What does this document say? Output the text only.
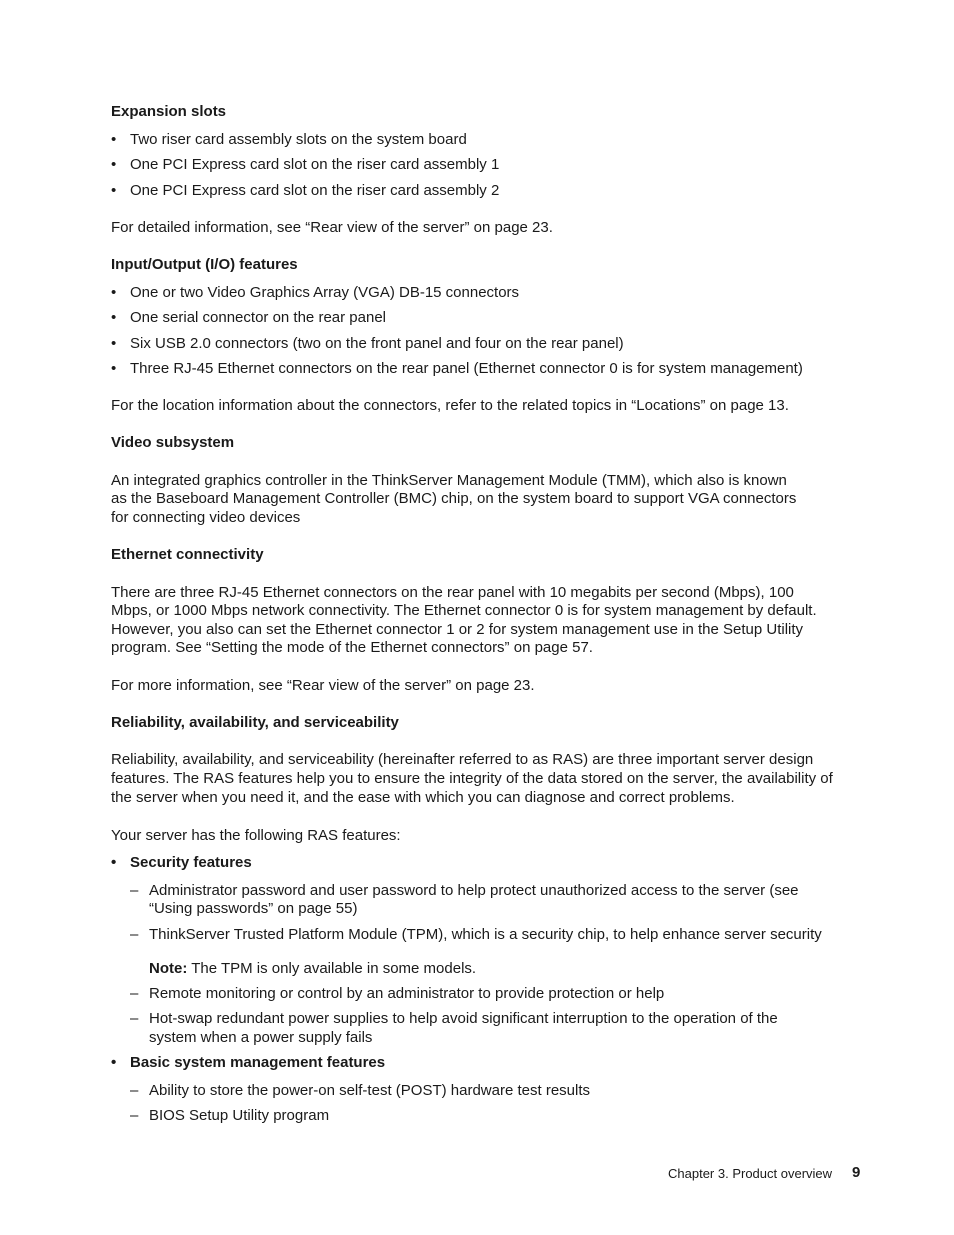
Expansion slots
• Two riser card assembly slots on the system board
• One PCI Express card slot on the riser card assembly 1
• One PCI Express card slot on the riser card assembly 2
For detailed information, see “Rear view of the server” on page 23.
Input/Output (I/O) features
• One or two Video Graphics Array (VGA) DB-15 connectors
• One serial connector on the rear panel
• Six USB 2.0 connectors (two on the front panel and four on the rear panel)
• Three RJ-45 Ethernet connectors on the rear panel (Ethernet connector 0 is for system management)
For the location information about the connectors, refer to the related topics in “Locations” on page 13.
Video subsystem
An integrated graphics controller in the ThinkServer Management Module (TMM), which also is known
as the Baseboard Management Controller (BMC) chip, on the system board to support VGA connectors
for connecting video devices
Ethernet connectivity
There are three RJ-45 Ethernet connectors on the rear panel with 10 megabits per second (Mbps), 100
Mbps, or 1000 Mbps network connectivity. The Ethernet connector 0 is for system management by default.
However, you also can set the Ethernet connector 1 or 2 for system management use in the Setup Utility
program. See “Setting the mode of the Ethernet connectors” on page 57.
For more information, see “Rear view of the server” on page 23.
Reliability, availability, and serviceability
Reliability, availability, and serviceability (hereinafter referred to as RAS) are three important server design
features. The RAS features help you to ensure the integrity of the data stored on the server, the availability of
the server when you need it, and the ease with which you can diagnose and correct problems.
Your server has the following RAS features:
• Security features
– Administrator password and user password to help protect unauthorized access to the server (see
“Using passwords” on page 55)
– ThinkServer Trusted Platform Module (TPM), which is a security chip, to help enhance server security
Note: The TPM is only available in some models.
– Remote monitoring or control by an administrator to provide protection or help
– Hot-swap redundant power supplies to help avoid significant interruption to the operation of the
system when a power supply fails
• Basic system management features
– Ability to store the power-on self-test (POST) hardware test results
– BIOS Setup Utility program
Chapter 3. Product overview 9
